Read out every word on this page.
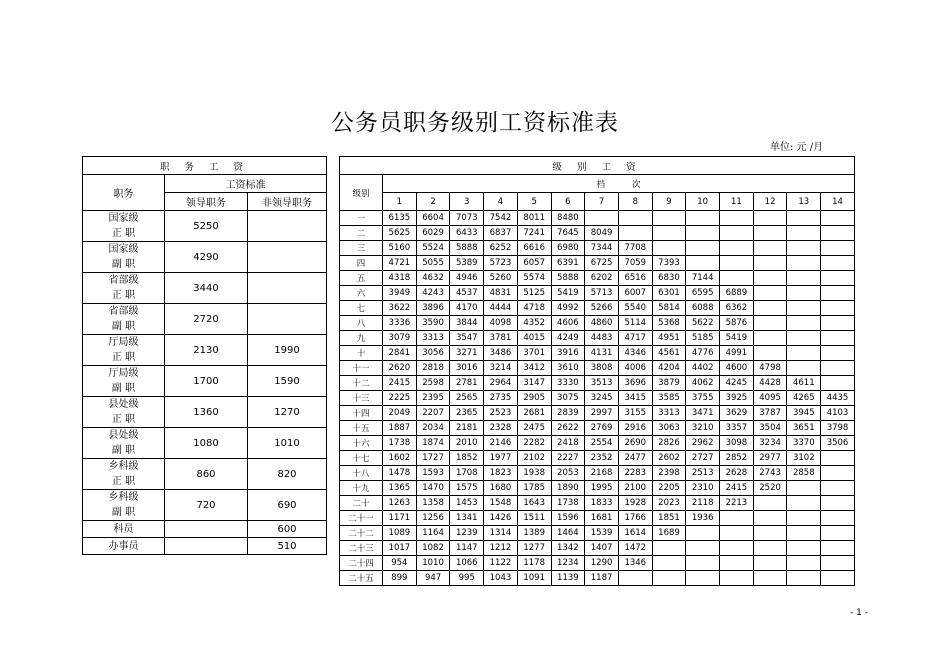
公务员职务级别工资标准表
单位: 元 /月
职 务 工 资		
职务	工资标准	
	领导职务	非领导职务

国家级
正 职	5250	

国家级
副 职	4290	

省部级
正 职	3440	

省部级
副 职	2720	

厅局级
正 职	2130	1990

厅局级
副 职	1700	1590

县处级
正 职	1360	1270

县处级
副 职	1080	1010

乡科级
正 职	860	820

乡科级
副 职	720	690

科员		600

办事员		510
级 别 工 资														
级别	档          次													
	1	2	3	4	5	6	7	8	9	10	11	12	13	14
一	6135	6604	7073	7542	8011	8480								
二	5625	6029	6433	6837	7241	7645	8049							
三	5160	5524	5888	6252	6616	6980	7344	7708						
四	4721	5055	5389	5723	6057	6391	6725	7059	7393					
五	4318	4632	4946	5260	5574	5888	6202	6516	6830	7144				
六	3949	4243	4537	4831	5125	5419	5713	6007	6301	6595	6889			
七	3622	3896	4170	4444	4718	4992	5266	5540	5814	6088	6362			
八	3336	3590	3844	4098	4352	4606	4860	5114	5368	5622	5876			
九	3079	3313	3547	3781	4015	4249	4483	4717	4951	5185	5419			
十	2841	3056	3271	3486	3701	3916	4131	4346	4561	4776	4991			
十一	2620	2818	3016	3214	3412	3610	3808	4006	4204	4402	4600	4798		
十二	2415	2598	2781	2964	3147	3330	3513	3696	3879	4062	4245	4428	4611	
十三	2225	2395	2565	2735	2905	3075	3245	3415	3585	3755	3925	4095	4265	4435
十四	2049	2207	2365	2523	2681	2839	2997	3155	3313	3471	3629	3787	3945	4103
十五	1887	2034	2181	2328	2475	2622	2769	2916	3063	3210	3357	3504	3651	3798
十六	1738	1874	2010	2146	2282	2418	2554	2690	2826	2962	3098	3234	3370	3506
十七	1602	1727	1852	1977	2102	2227	2352	2477	2602	2727	2852	2977	3102	
十八	1478	1593	1708	1823	1938	2053	2168	2283	2398	2513	2628	2743	2858	
十九	1365	1470	1575	1680	1785	1890	1995	2100	2205	2310	2415	2520		
二十	1263	1358	1453	1548	1643	1738	1833	1928	2023	2118	2213			
二十一	1171	1256	1341	1426	1511	1596	1681	1766	1851	1936				
二十二	1089	1164	1239	1314	1389	1464	1539	1614	1689					
二十三	1017	1082	1147	1212	1277	1342	1407	1472						
二十四	954	1010	1066	1122	1178	1234	1290	1346						
二十五	899	947	995	1043	1091	1139	1187							
- 1 -
